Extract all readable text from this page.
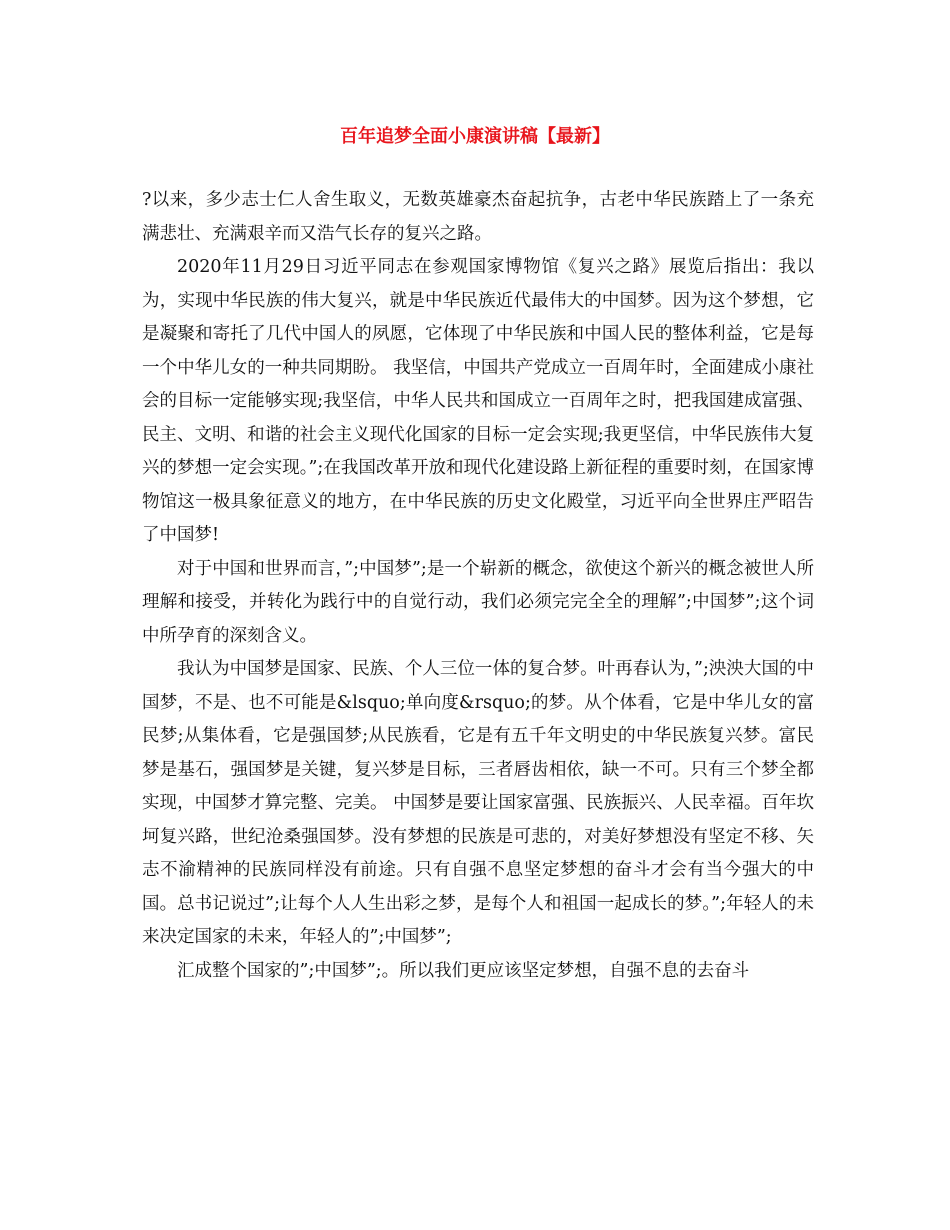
百年追梦全面小康演讲稿【最新】

?以来，多少志士仁人舍生取义，无数英雄豪杰奋起抗争，古老中华民族踏上了一条充满悲壮、充满艰辛而又浩气长存的复兴之路。

2020年11月29日习近平同志在参观国家博物馆《复兴之路》展览后指出：我以为，实现中华民族的伟大复兴，就是中华民族近代最伟大的中国梦。因为这个梦想，它是凝聚和寄托了几代中国人的夙愿，它体现了中华民族和中国人民的整体利益，它是每一个中华儿女的一种共同期盼。 我坚信，中国共产党成立一百周年时，全面建成小康社会的目标一定能够实现;我坚信，中华人民共和国成立一百周年之时，把我国建成富强、民主、文明、和谐的社会主义现代化国家的目标一定会实现;我更坚信，中华民族伟大复兴的梦想一定会实现。”;在我国改革开放和现代化建设路上新征程的重要时刻，在国家博物馆这一极具象征意义的地方，在中华民族的历史文化殿堂，习近平向全世界庄严昭告了中国梦!

对于中国和世界而言，”;中国梦”;是一个崭新的概念，欲使这个新兴的概念被世人所理解和接受，并转化为践行中的自觉行动，我们必须完完全全的理解”;中国梦”;这个词中所孕育的深刻含义。

我认为中国梦是国家、民族、个人三位一体的复合梦。叶再春认为，”;泱泱大国的中国梦，不是、也不可能是&lsquo;单向度&rsquo;的梦。从个体看，它是中华儿女的富民梦;从集体看，它是强国梦;从民族看，它是有五千年文明史的中华民族复兴梦。富民梦是基石，强国梦是关键，复兴梦是目标，三者唇齿相依，缺一不可。只有三个梦全都实现，中国梦才算完整、完美。 中国梦是要让国家富强、民族振兴、人民幸福。百年坎坷复兴路，世纪沧桑强国梦。没有梦想的民族是可悲的，对美好梦想没有坚定不移、矢志不渝精神的民族同样没有前途。只有自强不息坚定梦想的奋斗才会有当今强大的中国。总书记说过”;让每个人人生出彩之梦，是每个人和祖国一起成长的梦。”;年轻人的未来决定国家的未来，年轻人的”;中国梦”;

汇成整个国家的”;中国梦”;。所以我们更应该坚定梦想，自强不息的去奋斗
